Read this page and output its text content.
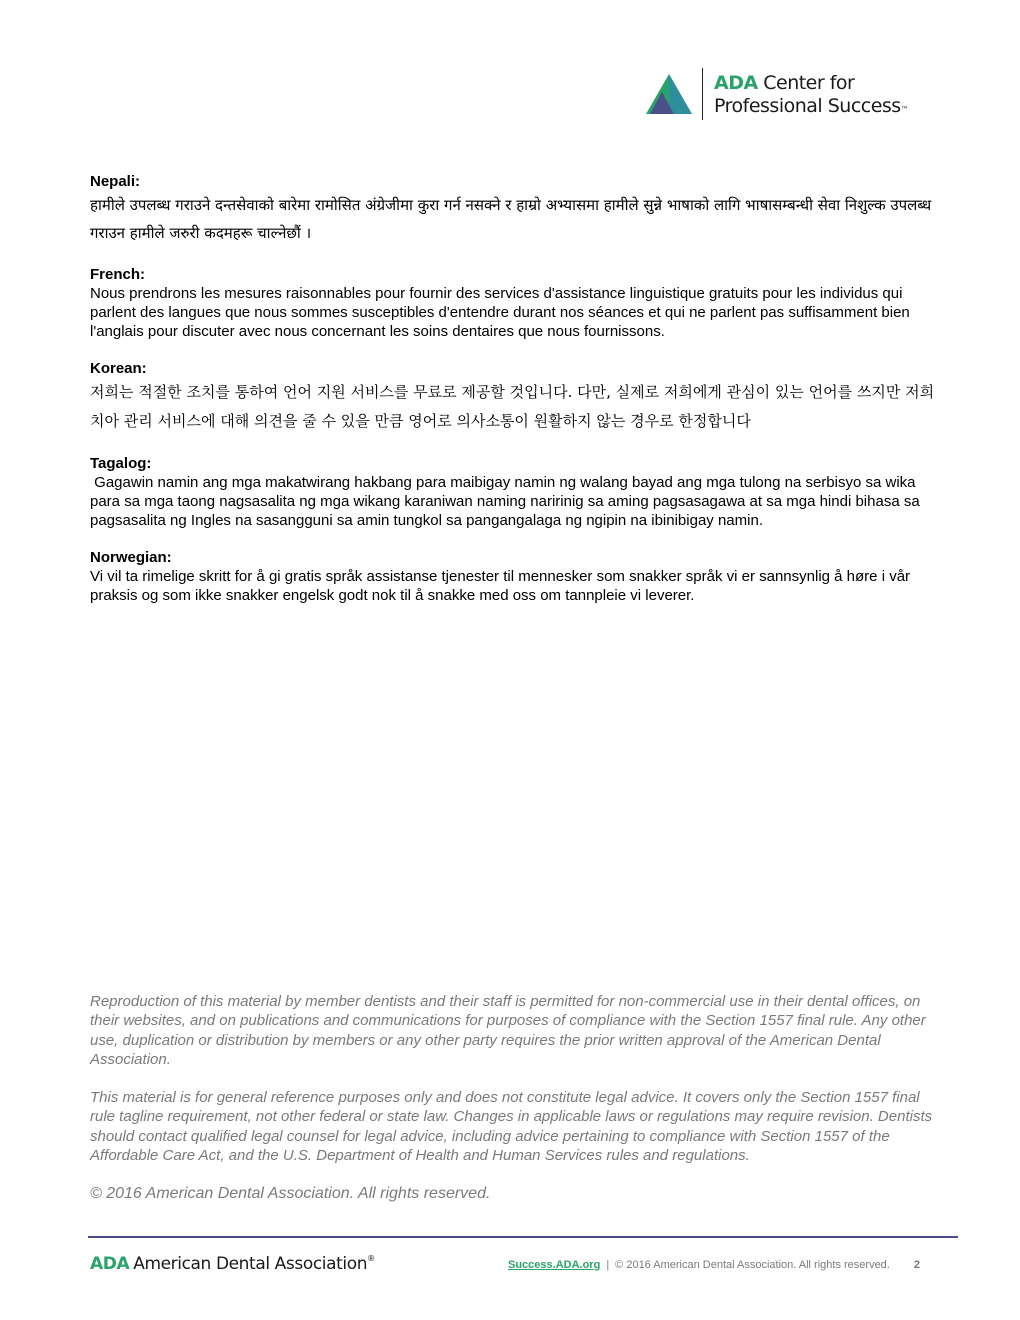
ADA Center for
Professional Success™

Nepali:

हामीले उपलब्ध गराउने दन्तसेवाको बारेमा रामोसित अंग्रेजीमा कुरा गर्न नसक्ने र हाम्रो अभ्यासमा हामीले सुन्ने भाषाको लागि भाषासम्बन्धी सेवा निशुल्क उपलब्ध गराउन हामीले जरुरी कदमहरू चाल्नेछौं ।

French:

Nous prendrons les mesures raisonnables pour fournir des services d'assistance linguistique gratuits pour les individus qui parlent des langues que nous sommes susceptibles d'entendre durant nos séances et qui ne parlent pas suffisamment bien l'anglais pour discuter avec nous concernant les soins dentaires que nous fournissons.

Korean:

저희는 적절한 조치를 통하여 언어 지원 서비스를 무료로 제공할 것입니다. 다만, 실제로 저희에게 관심이 있는 언어를 쓰지만 저희 치아 관리 서비스에 대해 의견을 줄 수 있을 만큼 영어로 의사소통이 원활하지 않는 경우로 한정합니다

Tagalog:

Gagawin namin ang mga makatwirang hakbang para maibigay namin ng walang bayad ang mga tulong na serbisyo sa wika para sa mga taong nagsasalita ng mga wikang karaniwan naming naririnig sa aming pagsasagawa at sa mga hindi bihasa sa pagsasalita ng Ingles na sasangguni sa amin tungkol sa pangangalaga ng ngipin na ibinibigay namin.

Norwegian:

Vi vil ta rimelige skritt for å gi gratis språk assistanse tjenester til mennesker som snakker språk vi er sannsynlig å høre i vår praksis og som ikke snakker engelsk godt nok til å snakke med oss om tannpleie vi leverer.

Reproduction of this material by member dentists and their staff is permitted for non-commercial use in their dental offices, on their websites, and on publications and communications for purposes of compliance with the Section 1557 final rule. Any other use, duplication or distribution by members or any other party requires the prior written approval of the American Dental Association.

This material is for general reference purposes only and does not constitute legal advice. It covers only the Section 1557 final rule tagline requirement, not other federal or state law. Changes in applicable laws or regulations may require revision. Dentists should contact qualified legal counsel for legal advice, including advice pertaining to compliance with Section 1557 of the Affordable Care Act, and the U.S. Department of Health and Human Services rules and regulations.

© 2016 American Dental Association. All rights reserved.

ADA American Dental Association®
Success.ADA.org | © 2016 American Dental Association. All rights reserved. 2
